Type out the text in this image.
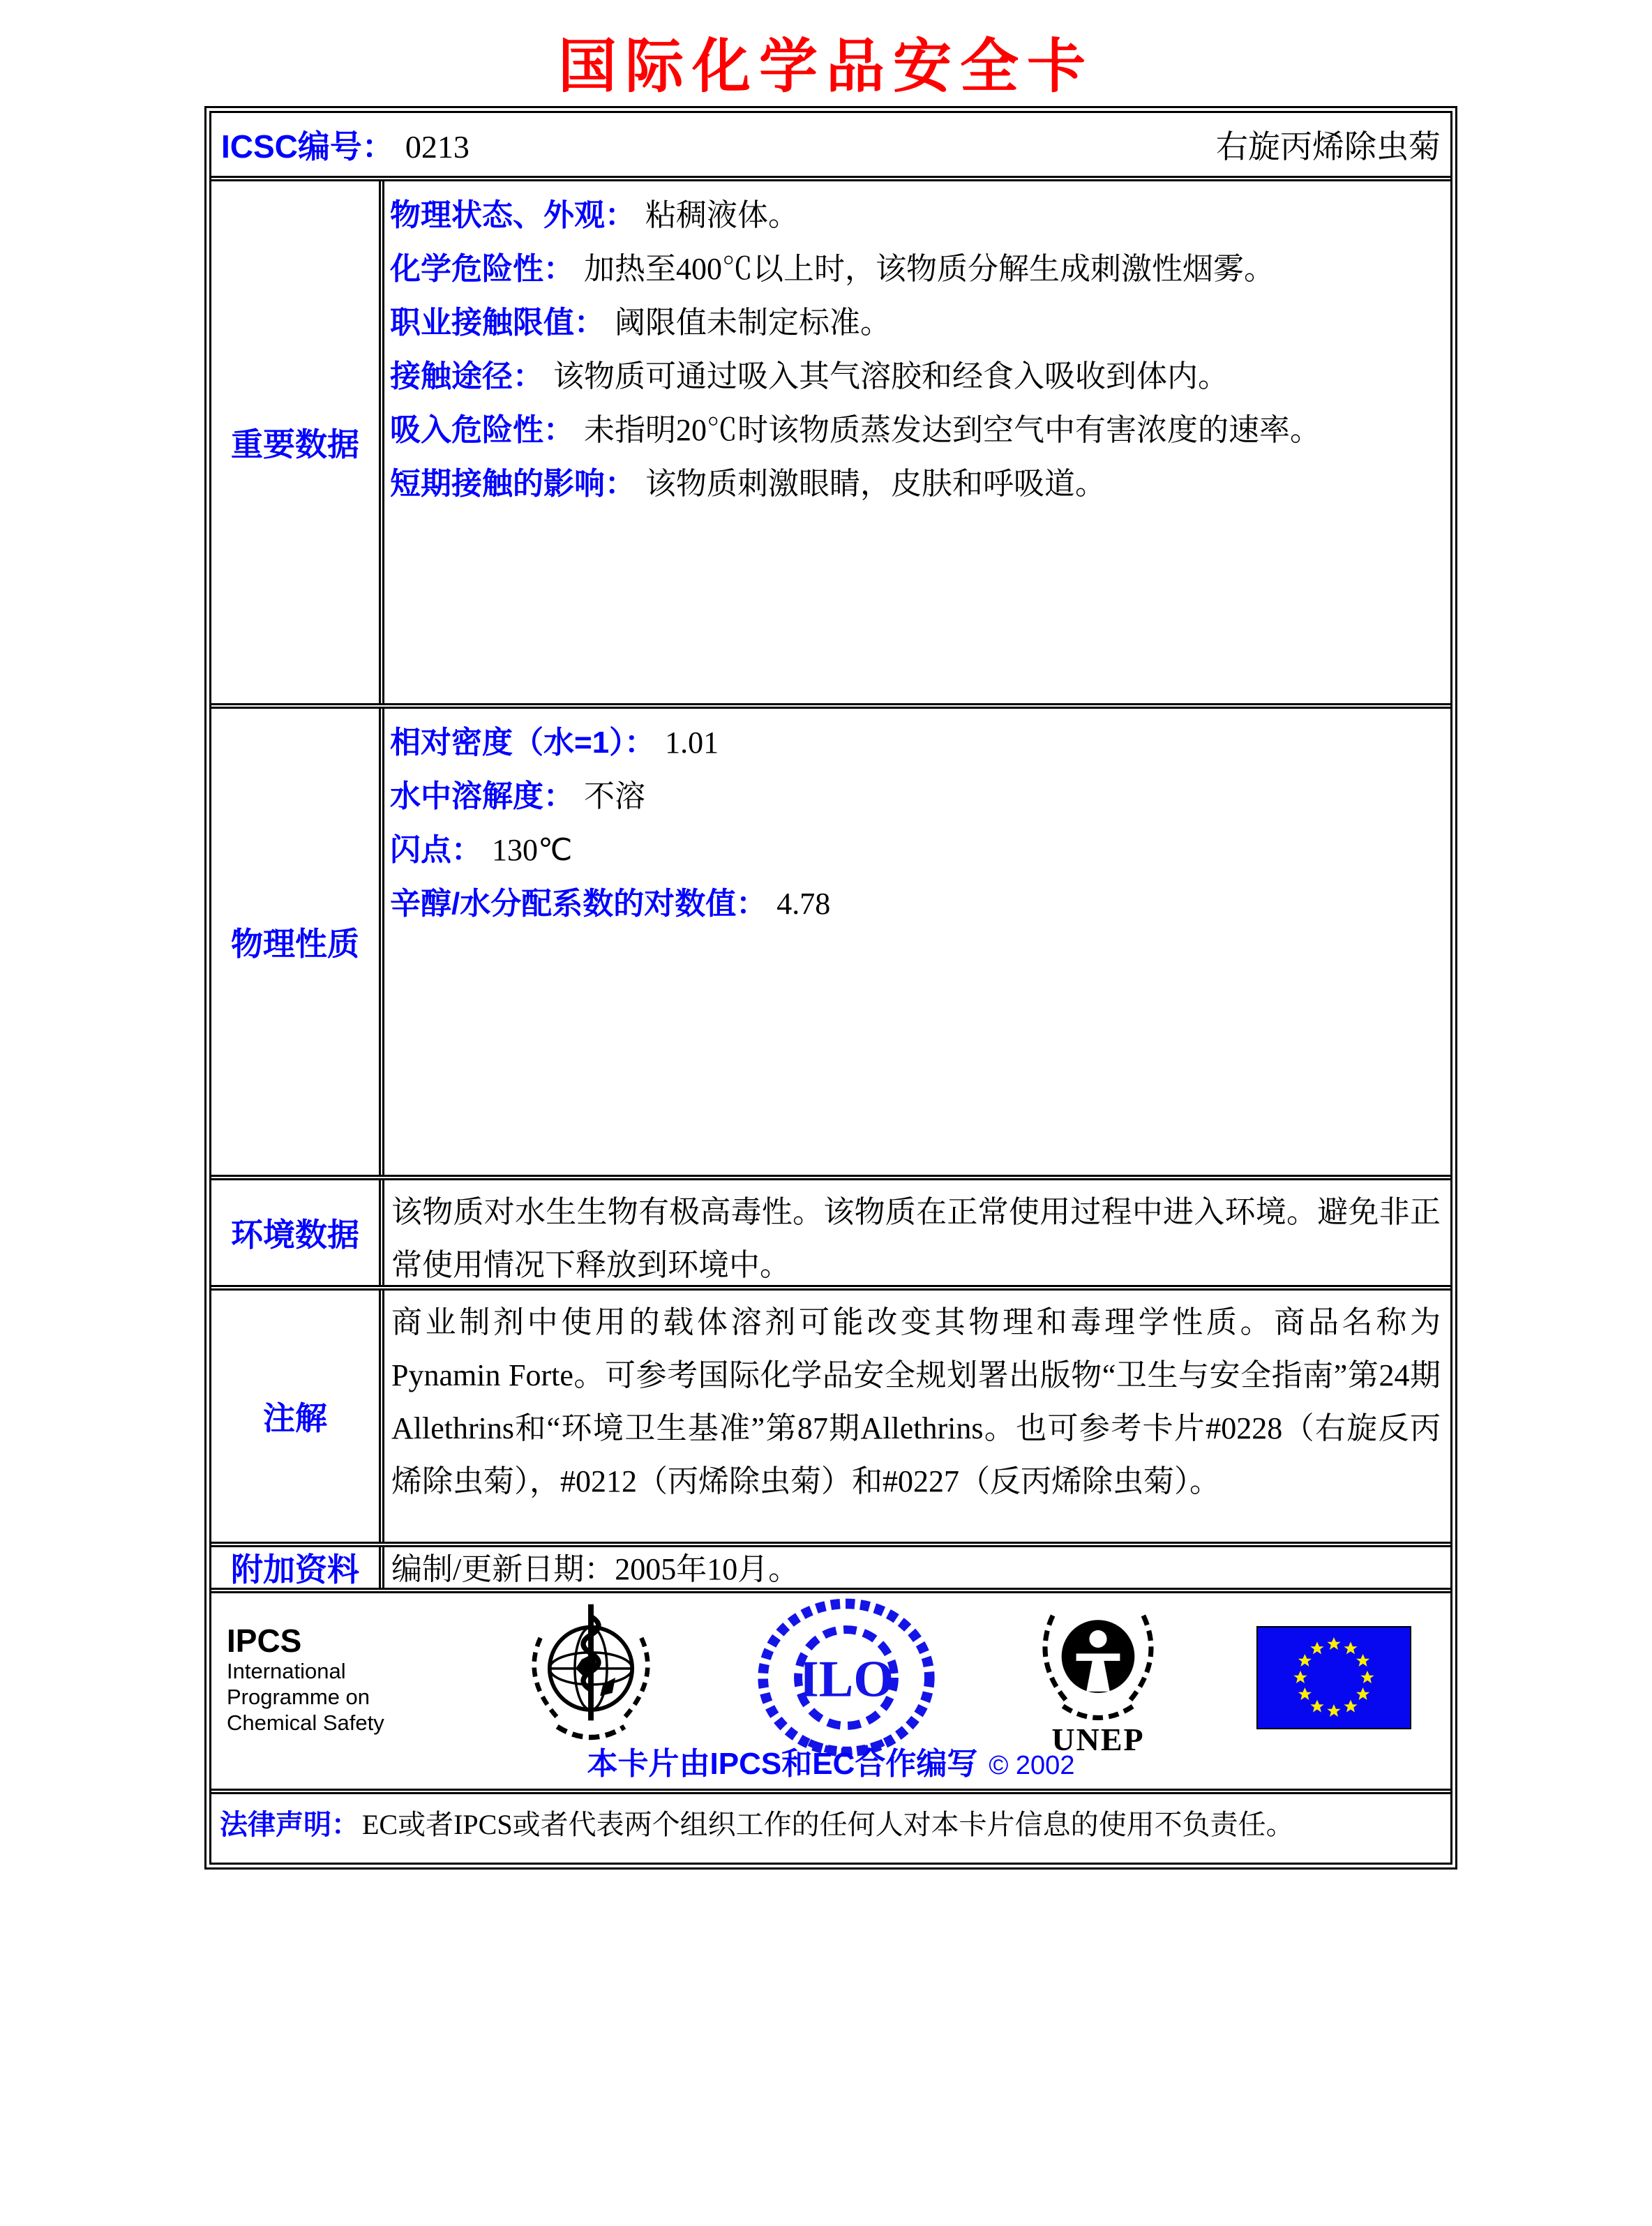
国际化学品安全卡
ICSC编号： 0213	右旋丙烯除虫菊
重要数据
物理状态、外观： 粘稠液体。
化学危险性： 加热至400℃以上时，该物质分解生成刺激性烟雾。
职业接触限值： 阈限值未制定标准。
接触途径： 该物质可通过吸入其气溶胶和经食入吸收到体内。
吸入危险性： 未指明20℃时该物质蒸发达到空气中有害浓度的速率。
短期接触的影响： 该物质刺激眼睛，皮肤和呼吸道。
物理性质
相对密度（水=1）： 1.01
水中溶解度： 不溶
闪点： 130℃
辛醇/水分配系数的对数值： 4.78
环境数据
该物质对水生生物有极高毒性。该物质在正常使用过程中进入环境。避免非正常使用情况下释放到环境中。
注解
商业制剂中使用的载体溶剂可能改变其物理和毒理学性质。商品名称为Pynamin Forte。可参考国际化学品安全规划署出版物“卫生与安全指南”第24期Allethrins和“环境卫生基准”第87期Allethrins。也可参考卡片#0228（右旋反丙烯除虫菊），#0212（丙烯除虫菊）和#0227（反丙烯除虫菊）。
附加资料	编制/更新日期：2005年10月。
IPCS
International
Programme on
Chemical Safety
ILO
UNEP
本卡片由IPCS和EC合作编写 © 2002
法律声明： EC或者IPCS或者代表两个组织工作的任何人对本卡片信息的使用不负责任。
